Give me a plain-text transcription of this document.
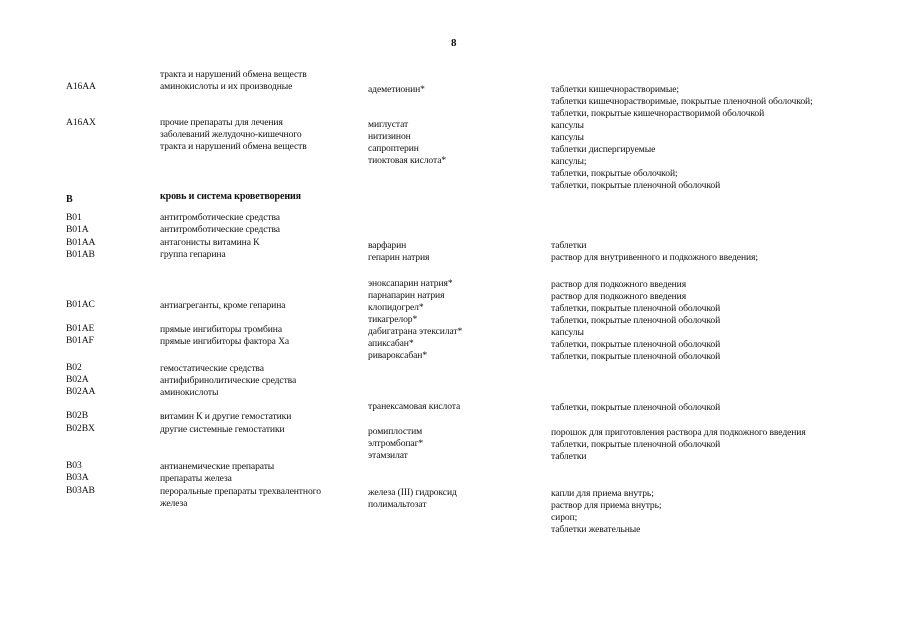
8
тракта и нарушений обмена веществ
A16AA	аминокислоты и их производные	адеметионин*	таблетки кишечнорастворимые;
таблетки кишечнорастворимые, покрытые пленочной оболочкой;
таблетки, покрытые кишечнорастворимой оболочкой
A16AX	прочие препараты для лечения	миглустат	капсулы
заболеваний желудочно-кишечного	нитизинон	капсулы
тракта и нарушений обмена веществ	сапроптерин	таблетки диспергируемые
тиоктовая кислота*	капсулы;
таблетки, покрытые оболочкой;
таблетки, покрытые пленочной оболочкой
B	кровь и система кроветворения
B01	антитромботические средства
B01A	антитромботические средства
B01AA	антагонисты витамина К	варфарин	таблетки
B01AB	группа гепарина	гепарин натрия	раствор для внутривенного и подкожного введения;
эноксапарин натрия*	раствор для подкожного введения
парнапарин натрия	раствор для подкожного введения
B01AC	антиагреганты, кроме гепарина	клопидогрел*	таблетки, покрытые пленочной оболочкой
тикагрелор*	таблетки, покрытые пленочной оболочкой
B01AE	прямые ингибиторы тромбина	дабигатрана этексилат*	капсулы
B01AF	прямые ингибиторы фактора Ха	апиксабан*	таблетки, покрытые пленочной оболочкой
ривароксабан*	таблетки, покрытые пленочной оболочкой
B02	гемостатические средства
B02A	антифибринолитические средства
B02AA	аминокислоты
транексамовая кислота	таблетки, покрытые пленочной оболочкой
B02B	витамин К и другие гемостатики
B02BX	другие системные гемостатики	ромиплостим	порошок для приготовления раствора для подкожного введения
элтромбопаг*	таблетки, покрытые пленочной оболочкой
этамзилат	таблетки
B03	антианемические препараты
B03A	препараты железа
B03AB	пероральные препараты трехвалентного	железа (III) гидроксид	капли для приема внутрь;
железа	полимальтозат	раствор для приема внутрь;
сироп;
таблетки жевательные
